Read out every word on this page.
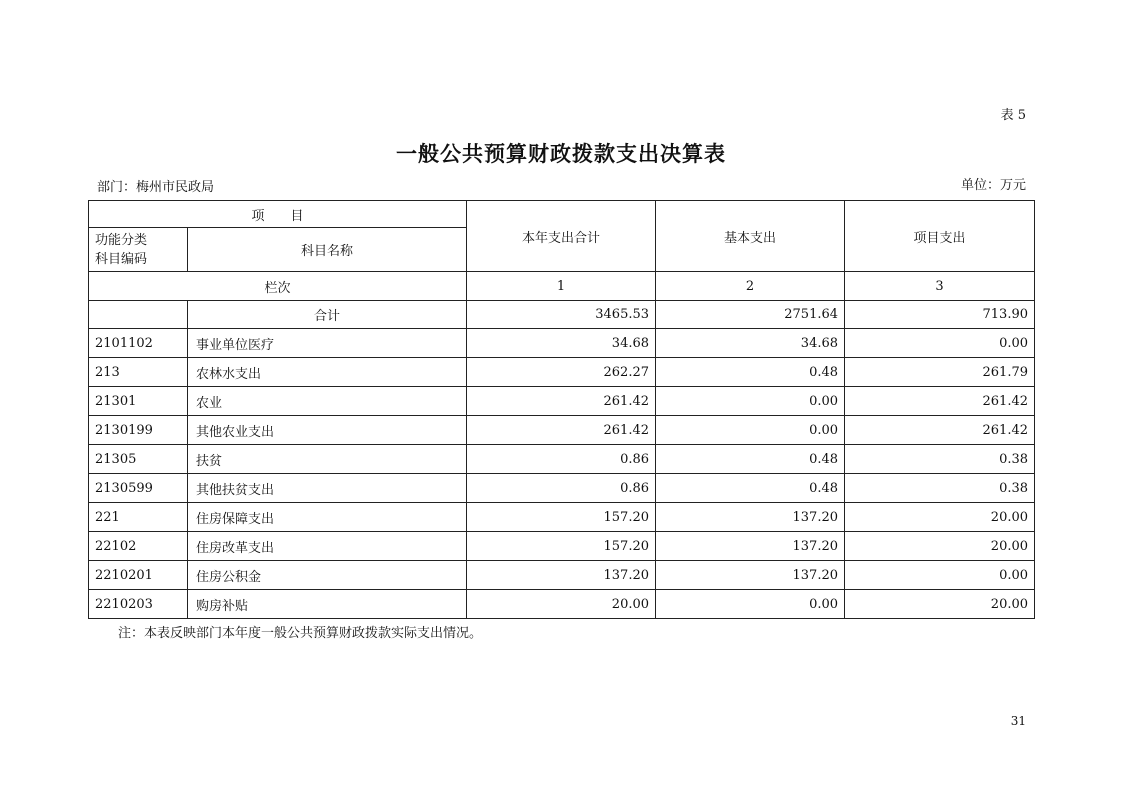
表 5
一般公共预算财政拨款支出决算表
部门：梅州市民政局	单位：万元
项　　目		本年支出合计	基本支出	项目支出
功能分类
科目编码	科目名称			
栏次		1	2	3
	合计	3465.53	2751.64	713.90
2101102	事业单位医疗	34.68	34.68	0.00
213	农林水支出	262.27	0.48	261.79
21301	农业	261.42	0.00	261.42
2130199	其他农业支出	261.42	0.00	261.42
21305	扶贫	0.86	0.48	0.38
2130599	其他扶贫支出	0.86	0.48	0.38
221	住房保障支出	157.20	137.20	20.00
22102	住房改革支出	157.20	137.20	20.00
2210201	住房公积金	137.20	137.20	0.00
2210203	购房补贴	20.00	0.00	20.00
注：本表反映部门本年度一般公共预算财政拨款实际支出情况。
31
